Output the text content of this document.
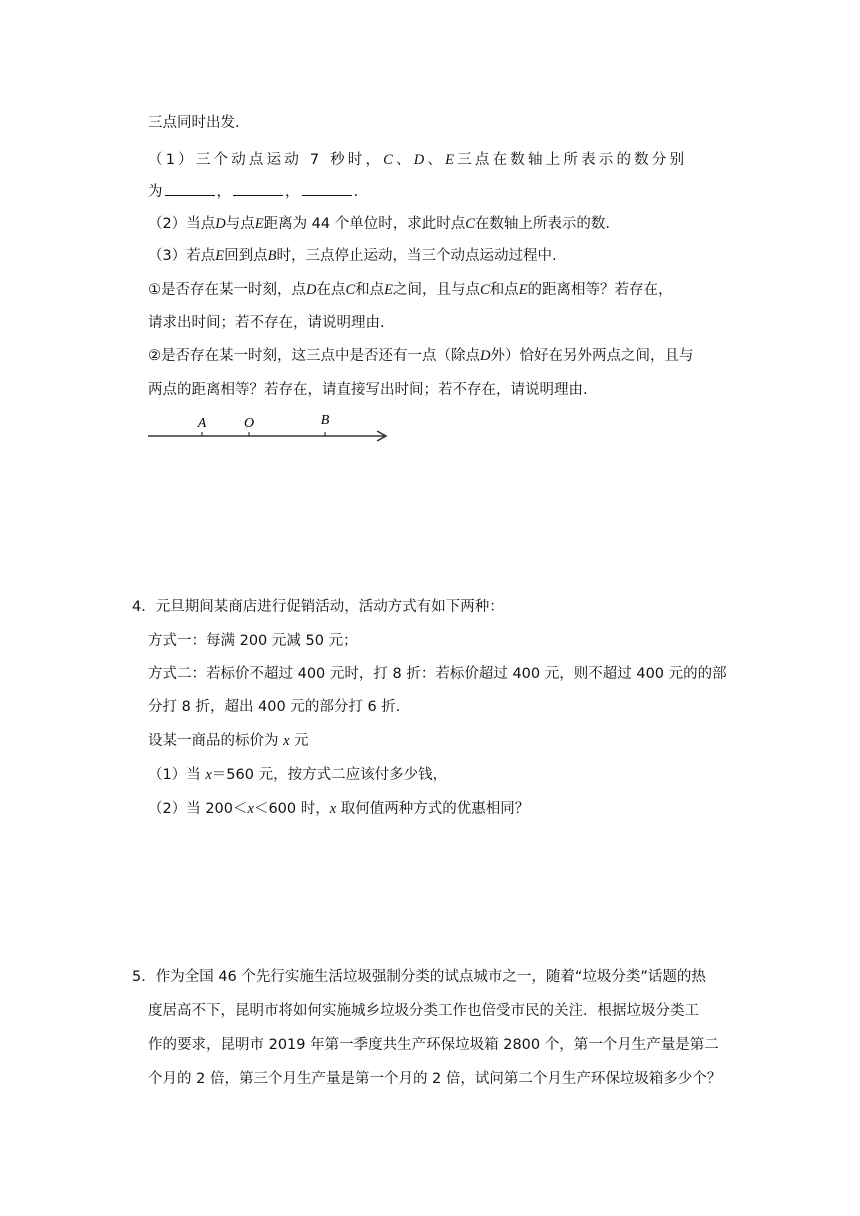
三点同时出发.
（1）三个动点运动 7 秒时，C、D、E三点在数轴上所表示的数分别
为	，	，	.
（2）当点D与点E距离为 44 个单位时，求此时点C在数轴上所表示的数.
（3）若点E回到点B时，三点停止运动，当三个动点运动过程中.
①是否存在某一时刻，点D在点C和点E之间，且与点C和点E的距离相等？若存在，
请求出时间；若不存在，请说明理由.
②是否存在某一时刻，这三点中是否还有一点（除点D外）恰好在另外两点之间，且与
两点的距离相等？若存在，请直接写出时间；若不存在，请说明理由.
A	O	B
4．元旦期间某商店进行促销活动，活动方式有如下两种：
方式一：每满 200 元减 50 元；
方式二：若标价不超过 400 元时，打 8 折：若标价超过 400 元，则不超过 400 元的的部
分打 8 折，超出 400 元的部分打 6 折.
设某一商品的标价为 x 元
（1）当 x＝560 元，按方式二应该付多少钱，
（2）当 200＜x＜600 时，x 取何值两种方式的优惠相同？
5．作为全国 46 个先行实施生活垃圾强制分类的试点城市之一，随着“垃圾分类”话题的热
度居高不下，昆明市将如何实施城乡垃圾分类工作也倍受市民的关注．根据垃圾分类工
作的要求，昆明市 2019 年第一季度共生产环保垃圾箱 2800 个，第一个月生产量是第二
个月的 2 倍，第三个月生产量是第一个月的 2 倍，试问第二个月生产环保垃圾箱多少个？
